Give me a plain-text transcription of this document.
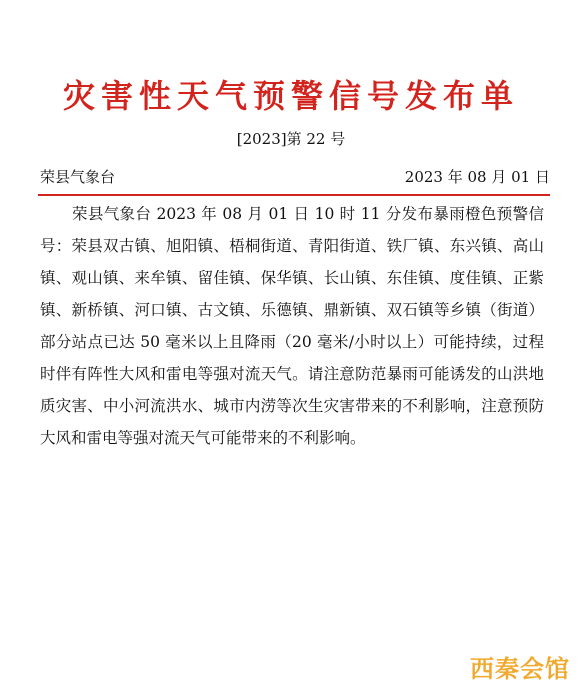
灾害性天气预警信号发布单
[2023]第 22 号
荣县气象台	2023 年 08 月 01 日

荣县气象台 2023 年 08 月 01 日 10 时 11 分发布暴雨橙色预警信号：荣县双古镇、旭阳镇、梧桐街道、青阳街道、铁厂镇、东兴镇、高山镇、观山镇、来牟镇、留佳镇、保华镇、长山镇、东佳镇、度佳镇、正紫镇、新桥镇、河口镇、古文镇、乐德镇、鼎新镇、双石镇等乡镇（街道）部分站点已达 50 毫米以上且降雨（20 毫米/小时以上）可能持续，过程时伴有阵性大风和雷电等强对流天气。请注意防范暴雨可能诱发的山洪地质灾害、中小河流洪水、城市内涝等次生灾害带来的不利影响，注意预防大风和雷电等强对流天气可能带来的不利影响。

西秦会馆
